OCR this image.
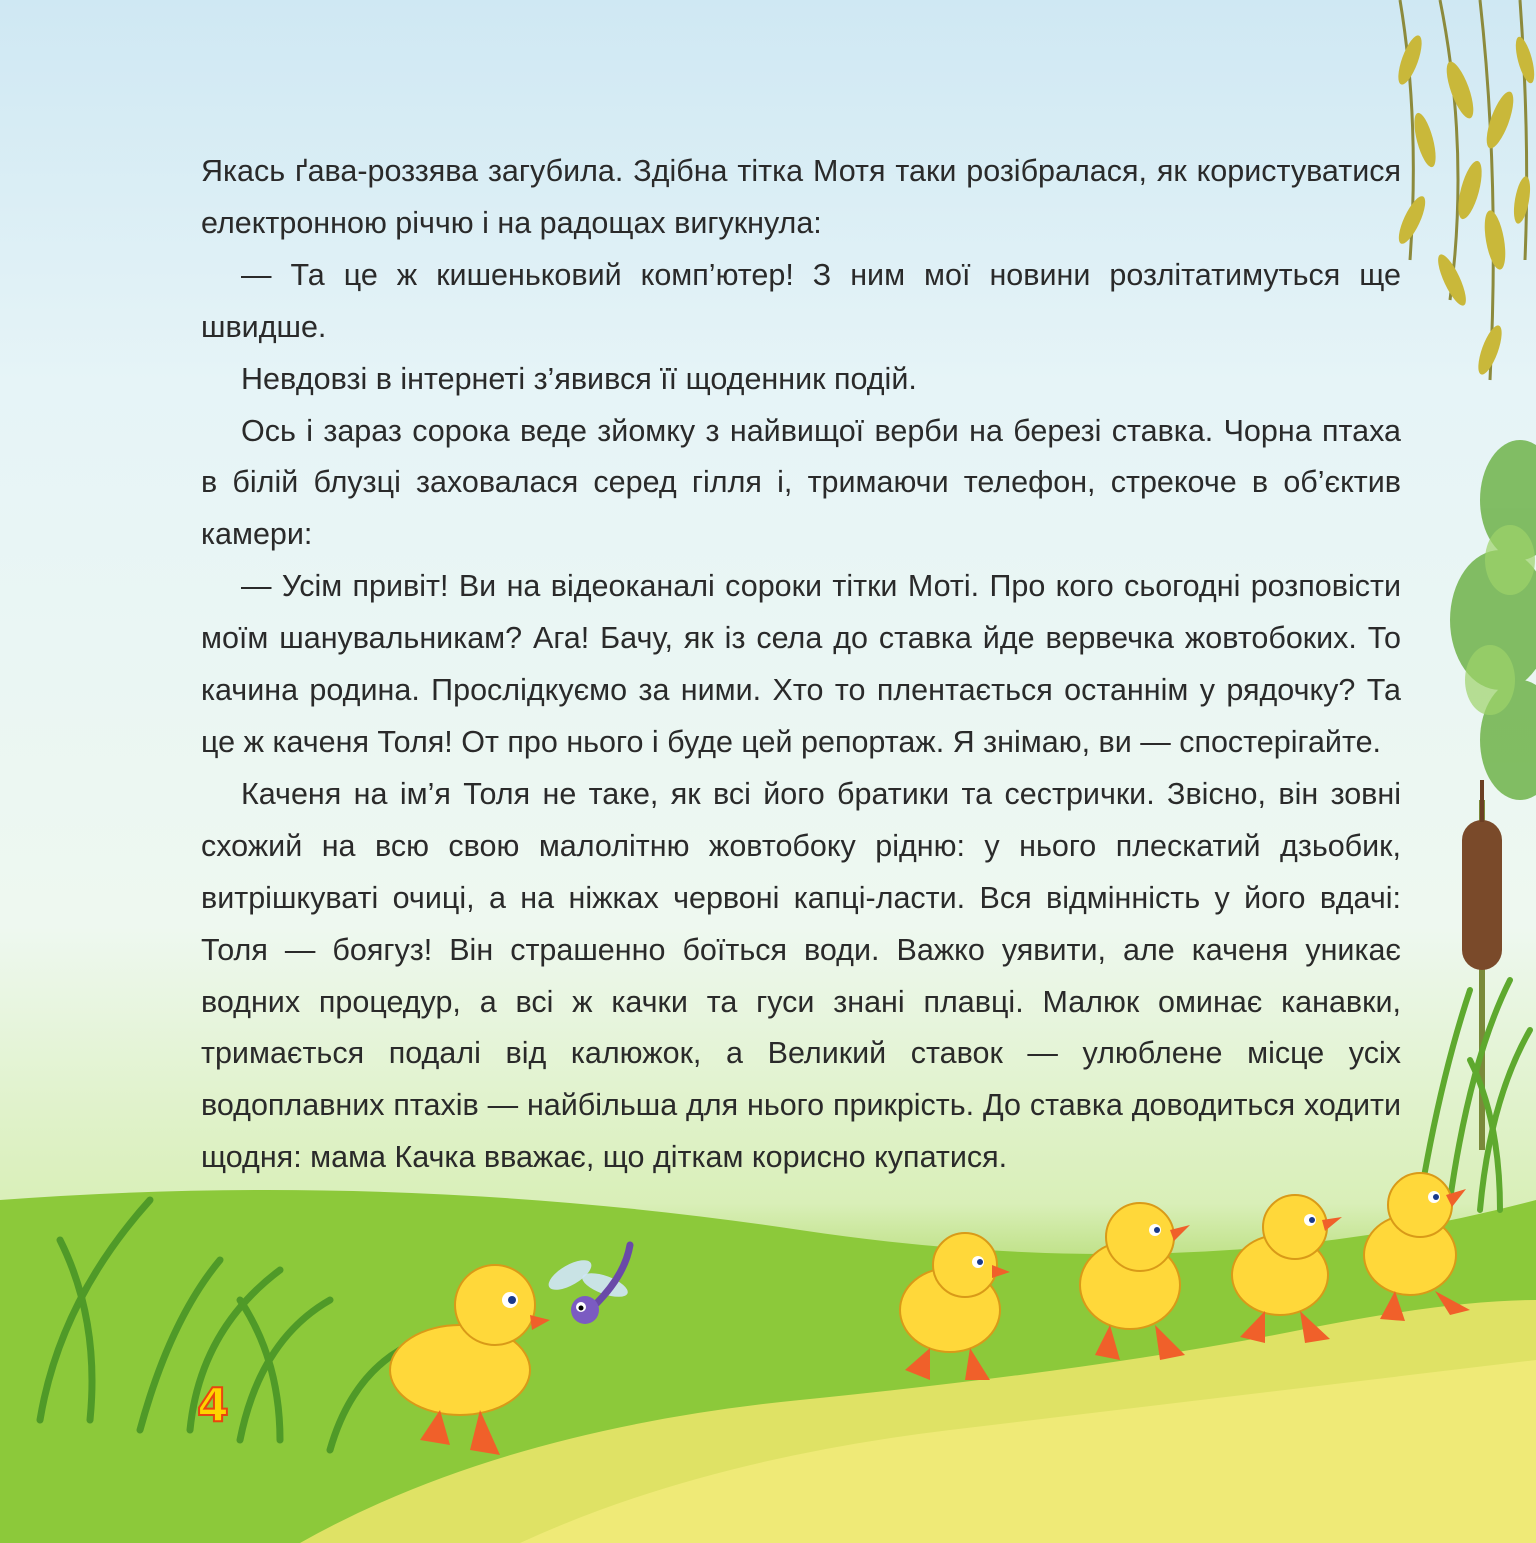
Якась ґава-роззява загубила. Здібна тітка Мотя таки розібралася, як користуватися електронною річчю і на радощах вигукнула:

— Та це ж кишеньковий комп’ютер! З ним мої новини розлітатимуться ще швидше.

Невдовзі в інтернеті з’явився її щоденник подій.

Ось і зараз сорока веде зйомку з найвищої верби на березі ставка. Чорна птаха в білій блузці заховалася серед гілля і, тримаючи телефон, стрекоче в об’єктив камери:

— Усім привіт! Ви на відеоканалі сороки тітки Моті. Про кого сьогодні розповісти моїм шанувальникам? Ага! Бачу, як із села до ставка йде вервечка жовтобоких. То качина родина. Прослідкуємо за ними. Хто то плентається останнім у рядочку? Та це ж каченя Толя! От про нього і буде цей репортаж. Я знімаю, ви — спостерігайте.

Каченя на ім’я Толя не таке, як всі його братики та сестрички. Звісно, він зовні схожий на всю свою малолітню жовтобоку рідню: у нього плескатий дзьобик, витрішкуваті очиці, а на ніжках червоні капці-ласти. Вся відмінність у його вдачі: Толя — боягуз! Він страшенно боїться води. Важко уявити, але каченя уникає водних процедур, а всі ж качки та гуси знані плавці. Малюк оминає канавки, тримається подалі від калюжок, а Великий ставок — улюблене місце усіх водоплавних птахів — найбільша для нього прикрість. До ставка доводиться ходити щодня: мама Качка вважає, що діткам корисно купатися.

4
